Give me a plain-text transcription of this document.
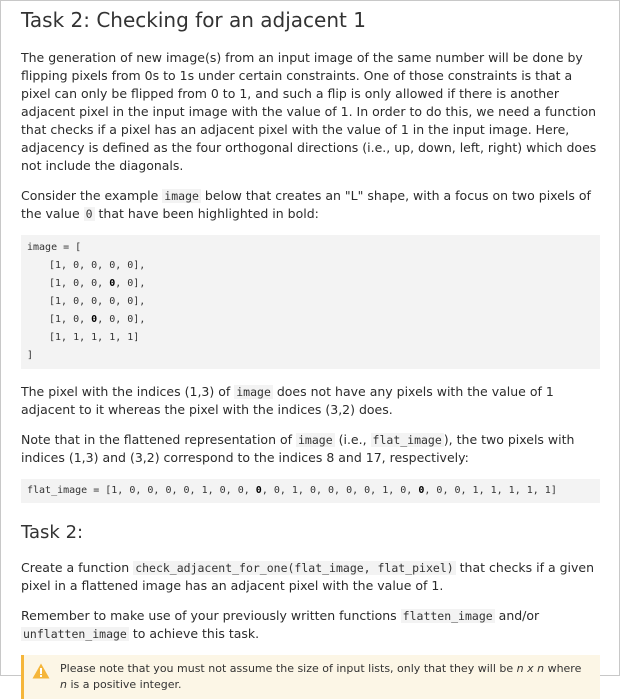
Task 2: Checking for an adjacent 1

The generation of new image(s) from an input image of the same number will be done by flipping pixels from 0s to 1s under certain constraints. One of those constraints is that a pixel can only be flipped from 0 to 1, and such a flip is only allowed if there is another adjacent pixel in the input image with the value of 1. In order to do this, we need a function that checks if a pixel has an adjacent pixel with the value of 1 in the input image. Here, adjacency is defined as the four orthogonal directions (i.e., up, down, left, right) which does not include the diagonals.

Consider the example image below that creates an "L" shape, with a focus on two pixels of the value 0 that have been highlighted in bold:

image = [
[1, 0, 0, 0, 0],
[1, 0, 0, 0, 0],
[1, 0, 0, 0, 0],
[1, 0, 0, 0, 0],
[1, 1, 1, 1, 1]
]

The pixel with the indices (1,3) of image does not have any pixels with the value of 1 adjacent to it whereas the pixel with the indices (3,2) does.

Note that in the flattened representation of image (i.e., flat_image ), the two pixels with indices (1,3) and (3,2) correspond to the indices 8 and 17, respectively:

flat_image = [1, 0, 0, 0, 0, 1, 0, 0, 0, 0, 1, 0, 0, 0, 0, 1, 0, 0, 0, 0, 1, 1, 1, 1, 1]
Task 2:

Create a function check_adjacent_for_one(flat_image, flat_pixel) that checks if a given pixel in a flattened image has an adjacent pixel with the value of 1.

Remember to make use of your previously written functions flatten_image and/or unflatten_image to achieve this task.

Please note that you must not assume the size of input lists, only that they will be n x n where n is a positive integer.
